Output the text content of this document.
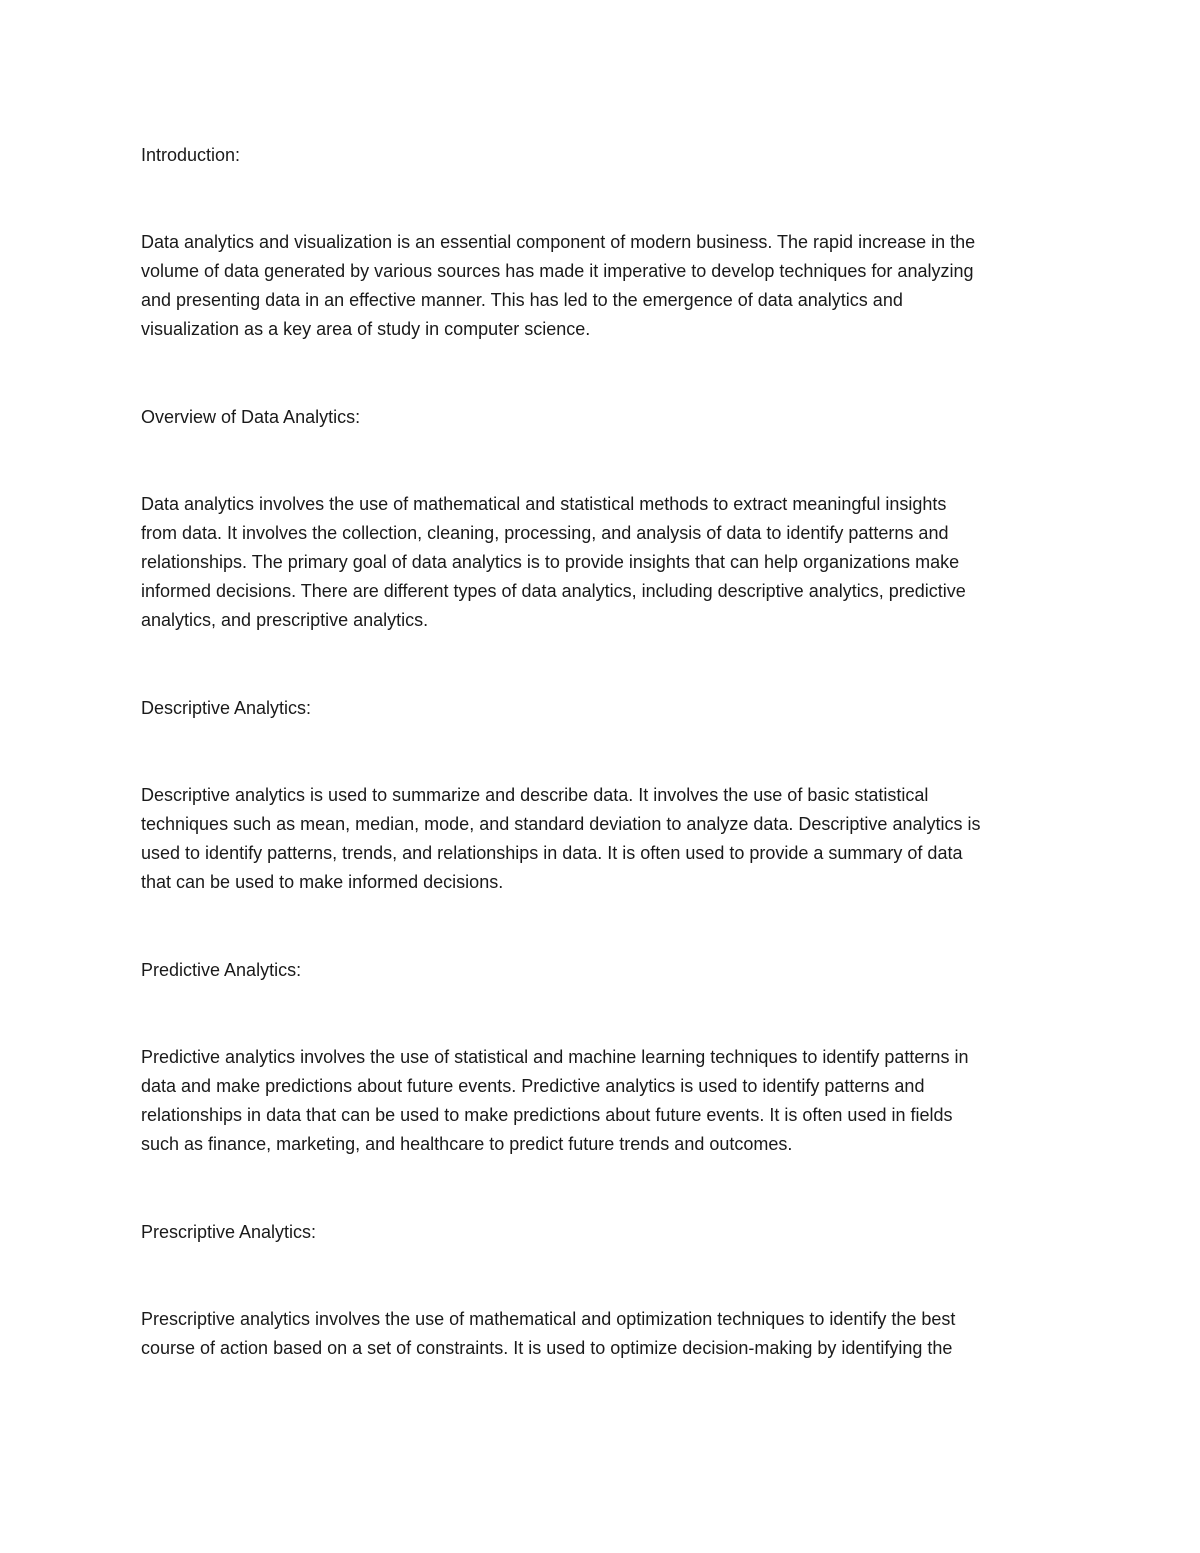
Introduction:

Data analytics and visualization is an essential component of modern business. The rapid increase in the
volume of data generated by various sources has made it imperative to develop techniques for analyzing
and presenting data in an effective manner. This has led to the emergence of data analytics and
visualization as a key area of study in computer science.

Overview of Data Analytics:

Data analytics involves the use of mathematical and statistical methods to extract meaningful insights
from data. It involves the collection, cleaning, processing, and analysis of data to identify patterns and
relationships. The primary goal of data analytics is to provide insights that can help organizations make
informed decisions. There are different types of data analytics, including descriptive analytics, predictive
analytics, and prescriptive analytics.

Descriptive Analytics:

Descriptive analytics is used to summarize and describe data. It involves the use of basic statistical
techniques such as mean, median, mode, and standard deviation to analyze data. Descriptive analytics is
used to identify patterns, trends, and relationships in data. It is often used to provide a summary of data
that can be used to make informed decisions.

Predictive Analytics:

Predictive analytics involves the use of statistical and machine learning techniques to identify patterns in
data and make predictions about future events. Predictive analytics is used to identify patterns and
relationships in data that can be used to make predictions about future events. It is often used in fields
such as finance, marketing, and healthcare to predict future trends and outcomes.

Prescriptive Analytics:

Prescriptive analytics involves the use of mathematical and optimization techniques to identify the best
course of action based on a set of constraints. It is used to optimize decision-making by identifying the
